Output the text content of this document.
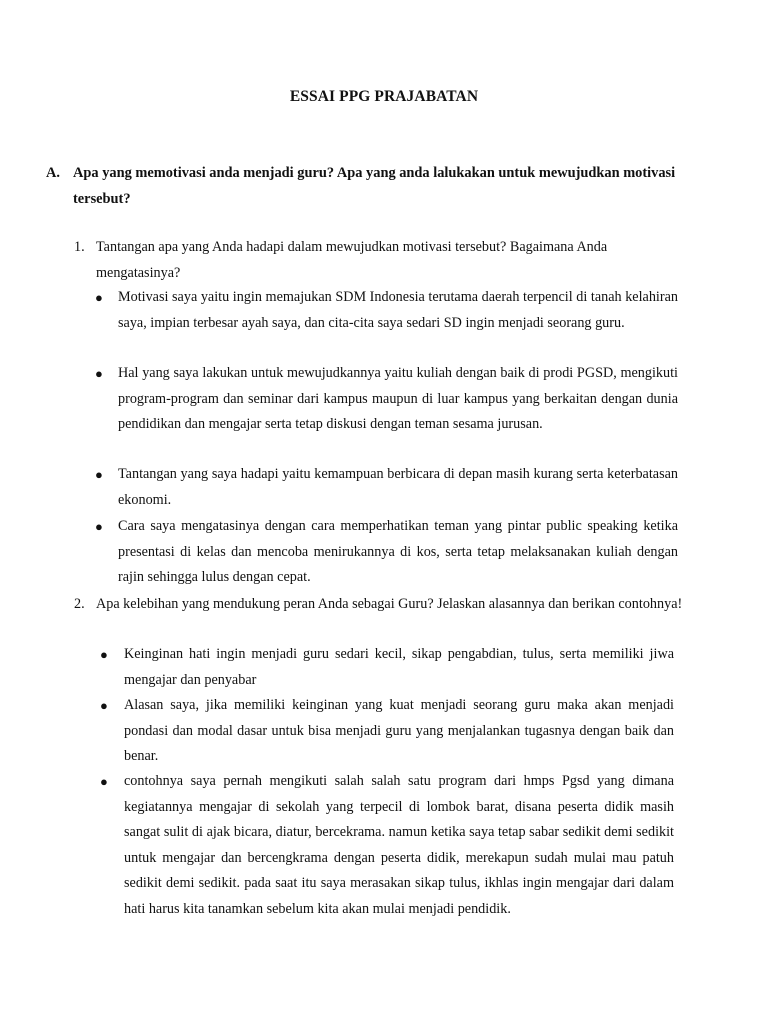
ESSAI PPG PRAJABATAN
A. Apa yang memotivasi anda menjadi guru? Apa yang anda lalukakan untuk mewujudkan motivasi tersebut?
1. Tantangan apa yang Anda hadapi dalam mewujudkan motivasi tersebut? Bagaimana Anda mengatasinya?
● Motivasi saya yaitu ingin memajukan SDM Indonesia terutama daerah terpencil di tanah kelahiran saya, impian terbesar ayah saya, dan cita-cita saya sedari SD ingin menjadi seorang guru.
● Hal yang saya lakukan untuk mewujudkannya yaitu kuliah dengan baik di prodi PGSD, mengikuti program-program dan seminar dari kampus maupun di luar kampus yang berkaitan dengan dunia pendidikan dan mengajar serta tetap diskusi dengan teman sesama jurusan.
● Tantangan yang saya hadapi yaitu kemampuan berbicara di depan masih kurang serta keterbatasan ekonomi.
● Cara saya mengatasinya dengan cara memperhatikan teman yang pintar public speaking ketika presentasi di kelas dan mencoba menirukannya di kos, serta tetap melaksanakan kuliah dengan rajin sehingga lulus dengan cepat.
2. Apa kelebihan yang mendukung peran Anda sebagai Guru? Jelaskan alasannya dan berikan contohnya!
● Keinginan hati ingin menjadi guru sedari kecil, sikap pengabdian, tulus, serta memiliki jiwa mengajar dan penyabar
● Alasan saya, jika memiliki keinginan yang kuat menjadi seorang guru maka akan menjadi pondasi dan modal dasar untuk bisa menjadi guru yang menjalankan tugasnya dengan baik dan benar.
● contohnya saya pernah mengikuti salah salah satu program dari hmps Pgsd yang dimana kegiatannya mengajar di sekolah yang terpecil di lombok barat, disana peserta didik masih sangat sulit di ajak bicara, diatur, bercekrama. namun ketika saya tetap sabar sedikit demi sedikit untuk mengajar dan bercengkrama dengan peserta didik, merekapun sudah mulai mau patuh sedikit demi sedikit. pada saat itu saya merasakan sikap tulus, ikhlas ingin mengajar dari dalam hati harus kita tanamkan sebelum kita akan mulai menjadi pendidik.
